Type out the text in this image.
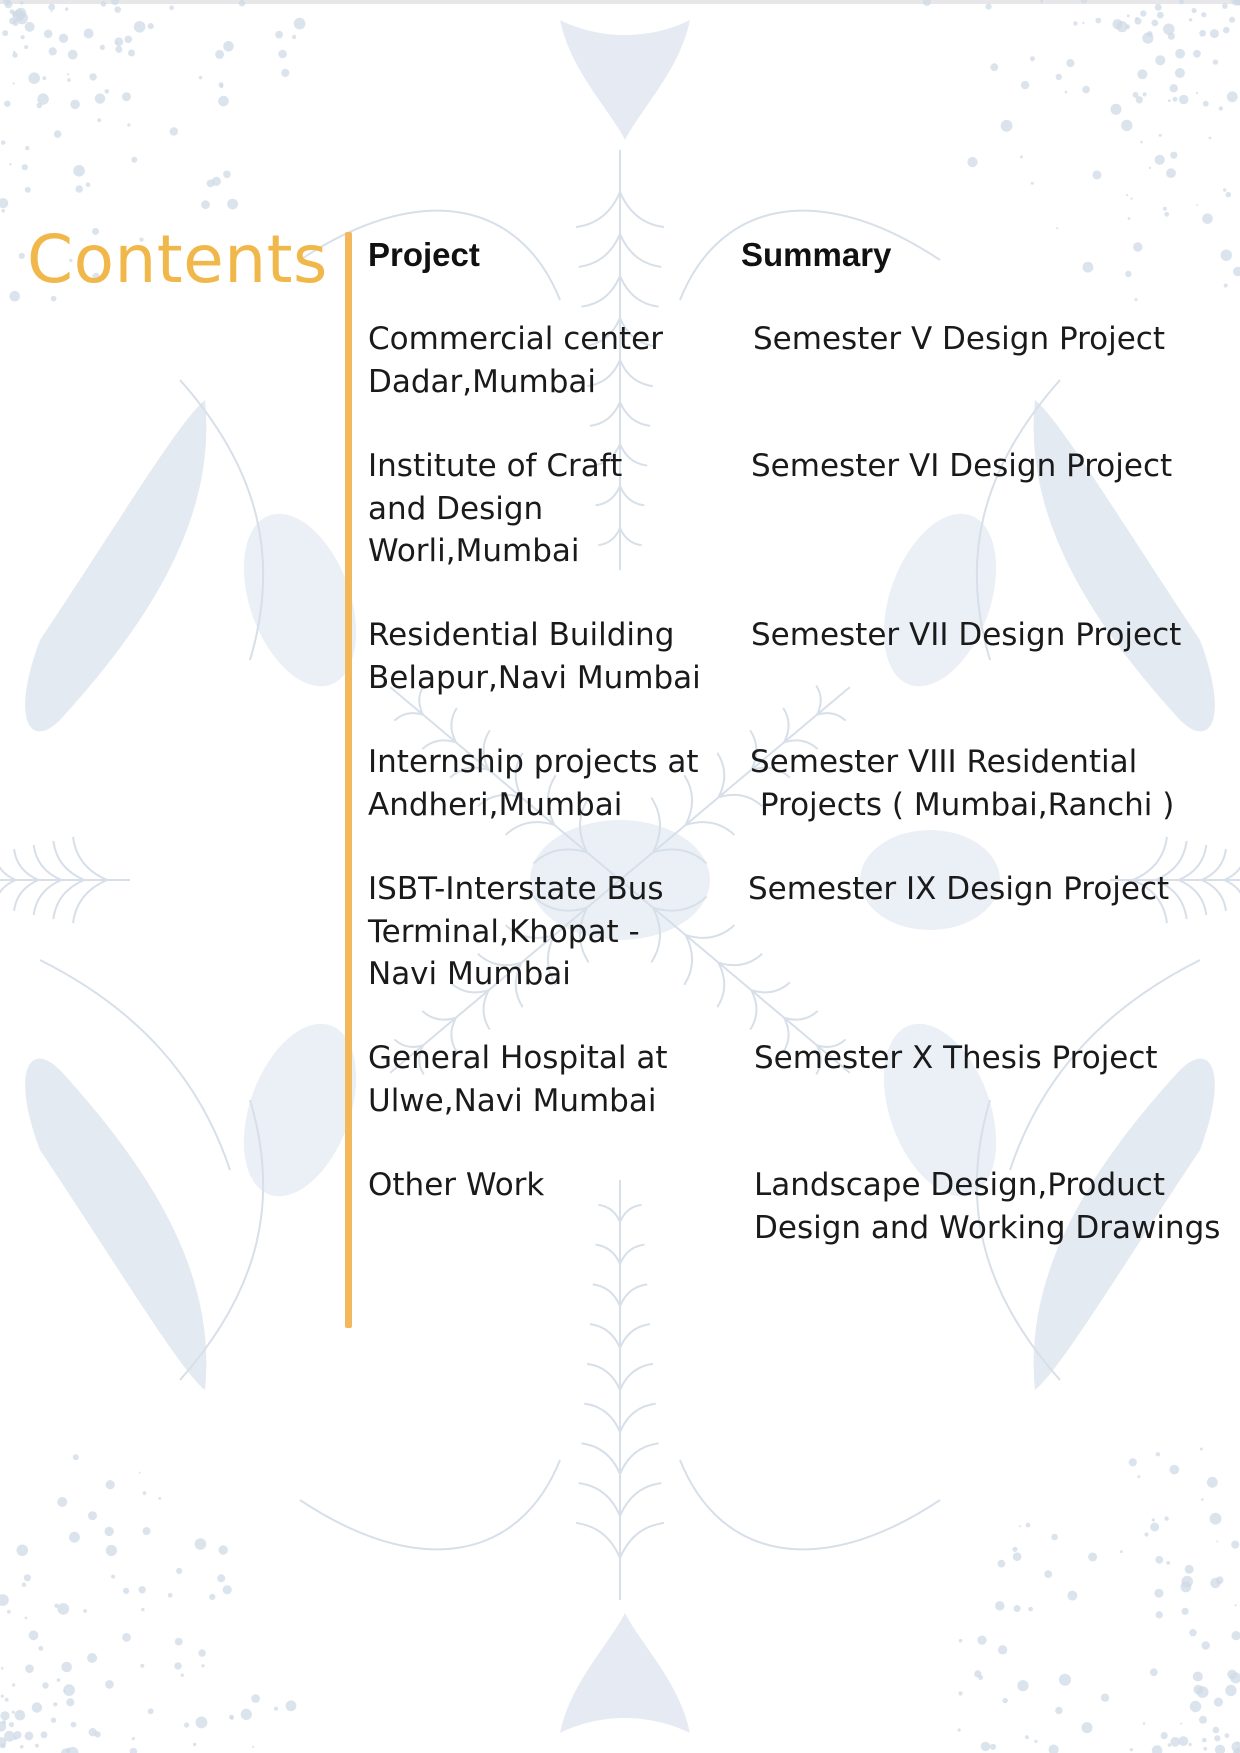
Contents Project	Summary
Commercial center
Dadar,Mumbai
Semester V Design Project
Institute of Craft
and Design
Worli,Mumbai
Semester VI Design Project
Residential Building
Belapur,Navi Mumbai
Semester VII Design Project
Internship projects at
Andheri,Mumbai
Semester VIII Residential
Projects ( Mumbai,Ranchi )
ISBT-Interstate Bus
Terminal,Khopat -
Navi Mumbai
Semester IX Design Project
General Hospital at
Ulwe,Navi Mumbai
Semester X Thesis Project
Other Work	Landscape Design,Product
Design and Working Drawings
